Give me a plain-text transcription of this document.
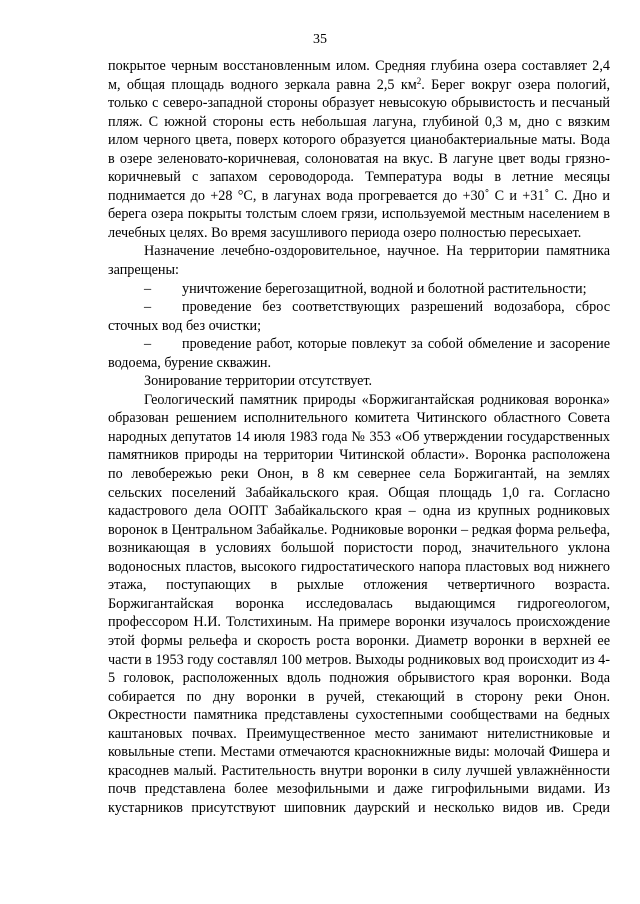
35

покрытое черным восстановленным илом. Средняя глубина озера составляет 2,4 м, общая площадь водного зеркала равна 2,5 $км^2$. Берег вокруг озера пологий, только с северо-западной стороны образует невысокую обрывистость и песчаный пляж. С южной стороны есть небольшая лагуна, глубиной 0,3 м, дно с вязким илом черного цвета, поверх которого образуется цианобактериальные маты. Вода в озере зеленовато-коричневая, солоноватая на вкус. В лагуне цвет воды грязно-коричневый с запахом сероводорода. Температура воды в летние месяцы поднимается до +28 °С, в лагунах вода прогревается до +30˚ С и +31˚ С. Дно и берега озера покрыты толстым слоем грязи, используемой местным населением в лечебных целях. Во время засушливого периода озеро полностью пересыхает.

Назначение лечебно-оздоровительное, научное. На территории памятника запрещены:

– уничтожение берегозащитной, водной и болотной растительности;

– проведение без соответствующих разрешений водозабора, сброс сточных вод без очистки;

– проведение работ, которые повлекут за собой обмеление и засорение водоема, бурение скважин.

Зонирование территории отсутствует.

Геологический памятник природы «Боржигантайская родниковая воронка» образован решением исполнительного комитета Читинского областного Совета народных депутатов 14 июля 1983 года № 353 «Об утверждении государственных памятников природы на территории Читинской области». Воронка расположена по левобережью реки Онон, в 8 км севернее села Боржигантай, на землях сельских поселений Забайкальского края. Общая площадь 1,0 га. Согласно кадастрового дела ООПТ Забайкальского края – одна из крупных родниковых воронок в Центральном Забайкалье. Родниковые воронки – редкая форма рельефа, возникающая в условиях большой пористости пород, значительного уклона водоносных пластов, высокого гидростатического напора пластовых вод нижнего этажа, поступающих в рыхлые отложения четвертичного возраста. Боржигантайская воронка исследовалась выдающимся гидрогеологом, профессором Н.И. Толстихиным. На примере воронки изучалось происхождение этой формы рельефа и скорость роста воронки. Диаметр воронки в верхней ее части в 1953 году составлял 100 метров. Выходы родниковых вод происходит из 4-5 головок, расположенных вдоль подножия обрывистого края воронки. Вода собирается по дну воронки в ручей, стекающий в сторону реки Онон. Окрестности памятника представлены сухостепными сообществами на бедных каштановых почвах. Преимущественное место занимают нителистниковые и ковыльные степи. Местами отмечаются краснокнижные виды: молочай Фишера и красоднев малый. Растительность внутри воронки в силу лучшей увлажнённости почв представлена более мезофильными и даже гигрофильными видами. Из кустарников присутствуют шиповник даурский и несколько видов ив. Среди
